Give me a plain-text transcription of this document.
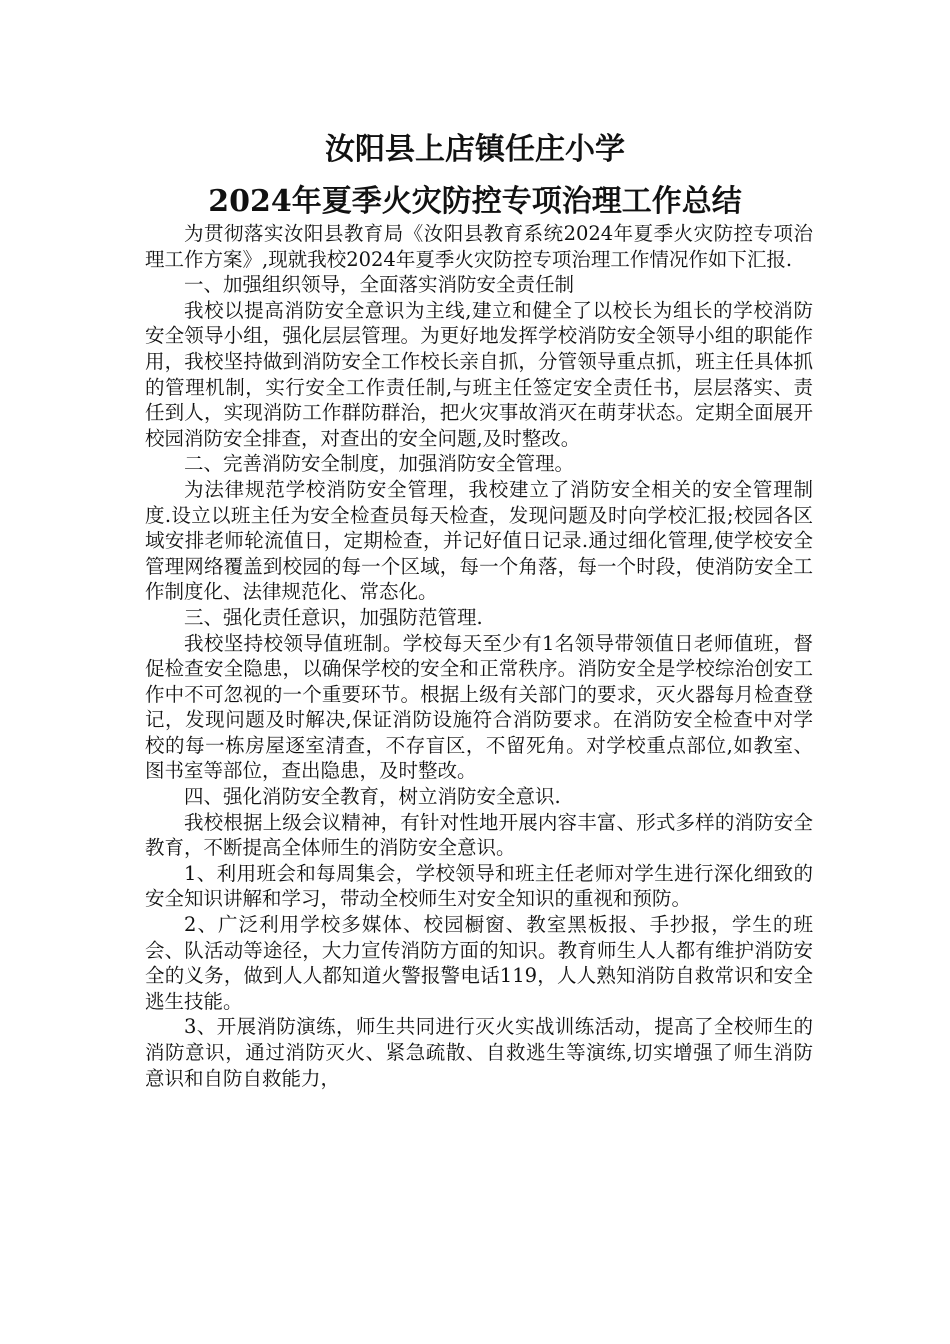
汝阳县上店镇任庄小学
2024年夏季火灾防控专项治理工作总结

为贯彻落实汝阳县教育局《汝阳县教育系统2024年夏季火灾防控专项治理工作方案》,现就我校2024年夏季火灾防控专项治理工作情况作如下汇报.

一、加强组织领导，全面落实消防安全责任制

我校以提高消防安全意识为主线,建立和健全了以校长为组长的学校消防安全领导小组，强化层层管理。为更好地发挥学校消防安全领导小组的职能作用，我校坚持做到消防安全工作校长亲自抓，分管领导重点抓，班主任具体抓的管理机制，实行安全工作责任制,与班主任签定安全责任书，层层落实、责任到人，实现消防工作群防群治，把火灾事故消灭在萌芽状态。定期全面展开校园消防安全排查，对查出的安全问题,及时整改。

二、完善消防安全制度，加强消防安全管理。

为法律规范学校消防安全管理，我校建立了消防安全相关的安全管理制度.设立以班主任为安全检查员每天检查，发现问题及时向学校汇报;校园各区域安排老师轮流值日，定期检查，并记好值日记录.通过细化管理,使学校安全管理网络覆盖到校园的每一个区域，每一个角落，每一个时段，使消防安全工作制度化、法律规范化、常态化。

三、强化责任意识，加强防范管理.

我校坚持校领导值班制。学校每天至少有1名领导带领值日老师值班，督促检查安全隐患，以确保学校的安全和正常秩序。消防安全是学校综治创安工作中不可忽视的一个重要环节。根据上级有关部门的要求，灭火器每月检查登记，发现问题及时解决,保证消防设施符合消防要求。在消防安全检查中对学校的每一栋房屋逐室清查，不存盲区，不留死角。对学校重点部位,如教室、图书室等部位，查出隐患，及时整改。

四、强化消防安全教育，树立消防安全意识.

我校根据上级会议精神，有针对性地开展内容丰富、形式多样的消防安全教育，不断提高全体师生的消防安全意识。

1、利用班会和每周集会，学校领导和班主任老师对学生进行深化细致的安全知识讲解和学习，带动全校师生对安全知识的重视和预防。

2、广泛利用学校多媒体、校园橱窗、教室黑板报、手抄报，学生的班会、队活动等途径，大力宣传消防方面的知识。教育师生人人都有维护消防安全的义务，做到人人都知道火警报警电话119，人人熟知消防自救常识和安全逃生技能。

3、开展消防演练，师生共同进行灭火实战训练活动，提高了全校师生的消防意识，通过消防灭火、紧急疏散、自救逃生等演练,切实增强了师生消防意识和自防自救能力，
